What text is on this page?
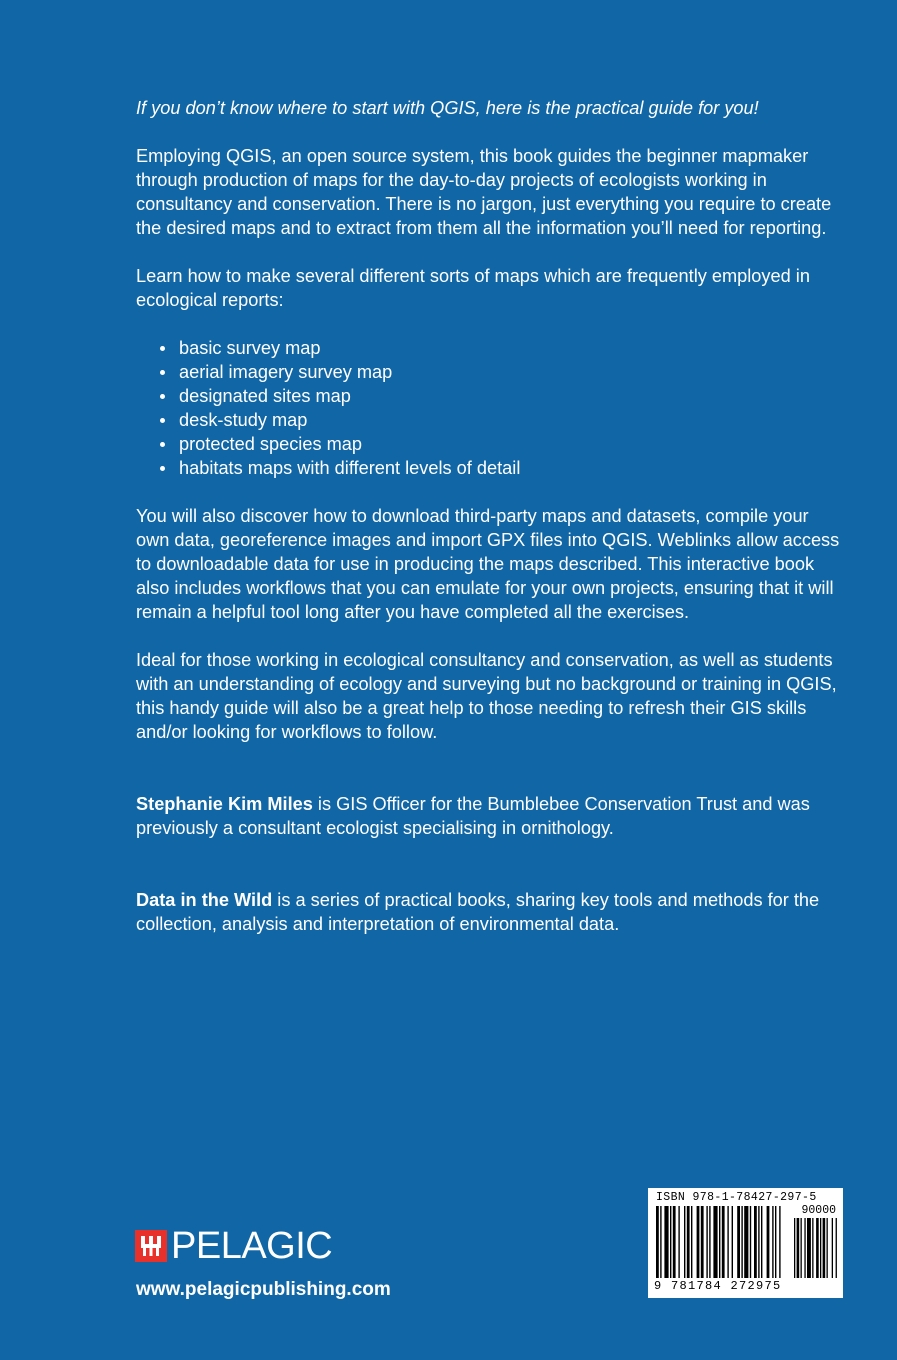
If you don’t know where to start with QGIS, here is the practical guide for you!

Employing QGIS, an open source system, this book guides the beginner mapmaker through production of maps for the day-to-day projects of ecologists working in consultancy and conservation. There is no jargon, just everything you require to create the desired maps and to extract from them all the information you’ll need for reporting.

Learn how to make several different sorts of maps which are frequently employed in ecological reports:

basic survey map
aerial imagery survey map
designated sites map
desk-study map
protected species map
habitats maps with different levels of detail

You will also discover how to download third-party maps and datasets, compile your own data, georeference images and import GPX files into QGIS. Weblinks allow access to downloadable data for use in producing the maps described. This interactive book also includes workflows that you can emulate for your own projects, ensuring that it will remain a helpful tool long after you have completed all the exercises.

Ideal for those working in ecological consultancy and conservation, as well as students with an understanding of ecology and surveying but no background or training in QGIS, this handy guide will also be a great help to those needing to refresh their GIS skills and/or looking for workflows to follow.

Stephanie Kim Miles is GIS Officer for the Bumblebee Conservation Trust and was previously a consultant ecologist specialising in ornithology.

Data in the Wild is a series of practical books, sharing key tools and methods for the collection, analysis and interpretation of environmental data.

PELAGIC
www.pelagicpublishing.com
ISBN 978-1-78427-297-5
90000
9 781784 272975
